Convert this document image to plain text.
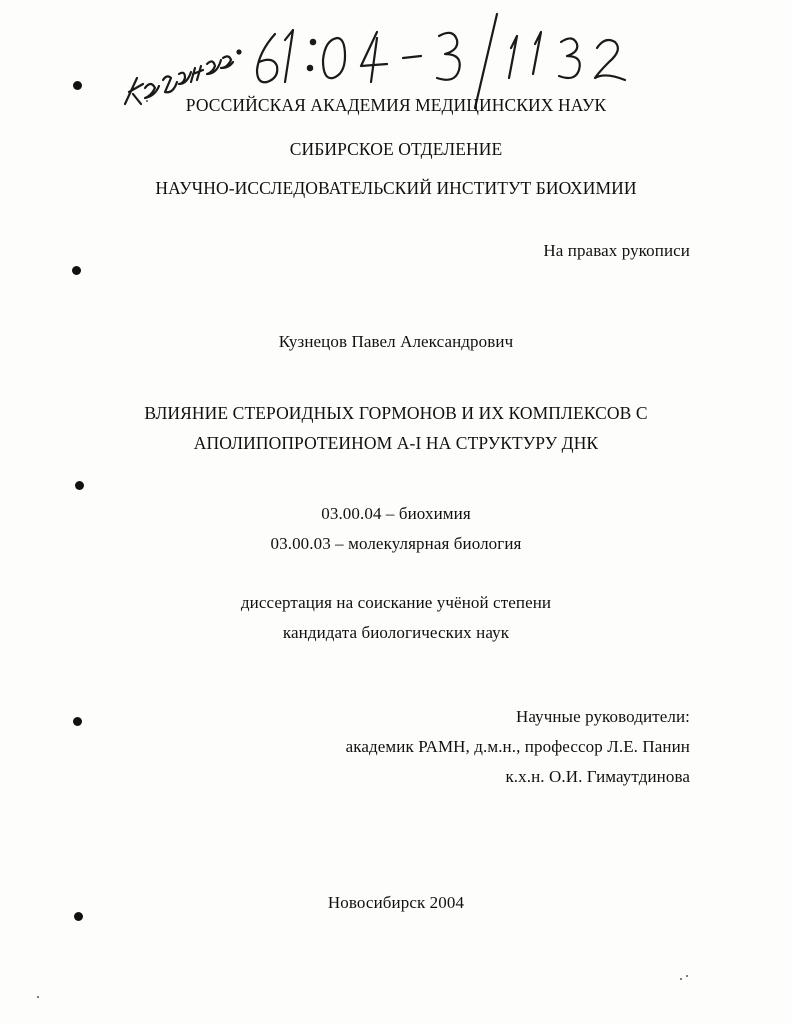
РОССИЙСКАЯ АКАДЕМИЯ МЕДИЦИНСКИХ НАУК
СИБИРСКОЕ ОТДЕЛЕНИЕ
НАУЧНО-ИССЛЕДОВАТЕЛЬСКИЙ ИНСТИТУТ БИОХИМИИ
На правах рукописи
Кузнецов Павел Александрович
ВЛИЯНИЕ СТЕРОИДНЫХ ГОРМОНОВ И ИХ КОМПЛЕКСОВ С
АПОЛИПОПРОТЕИНОМ А-I НА СТРУКТУРУ ДНК
03.00.04 – биохимия
03.00.03 – молекулярная биология
диссертация на соискание учёной степени
кандидата биологических наук
Научные руководители:
академик РАМН, д.м.н., профессор Л.Е. Панин
к.х.н. О.И. Гимаутдинова
Новосибирск 2004
